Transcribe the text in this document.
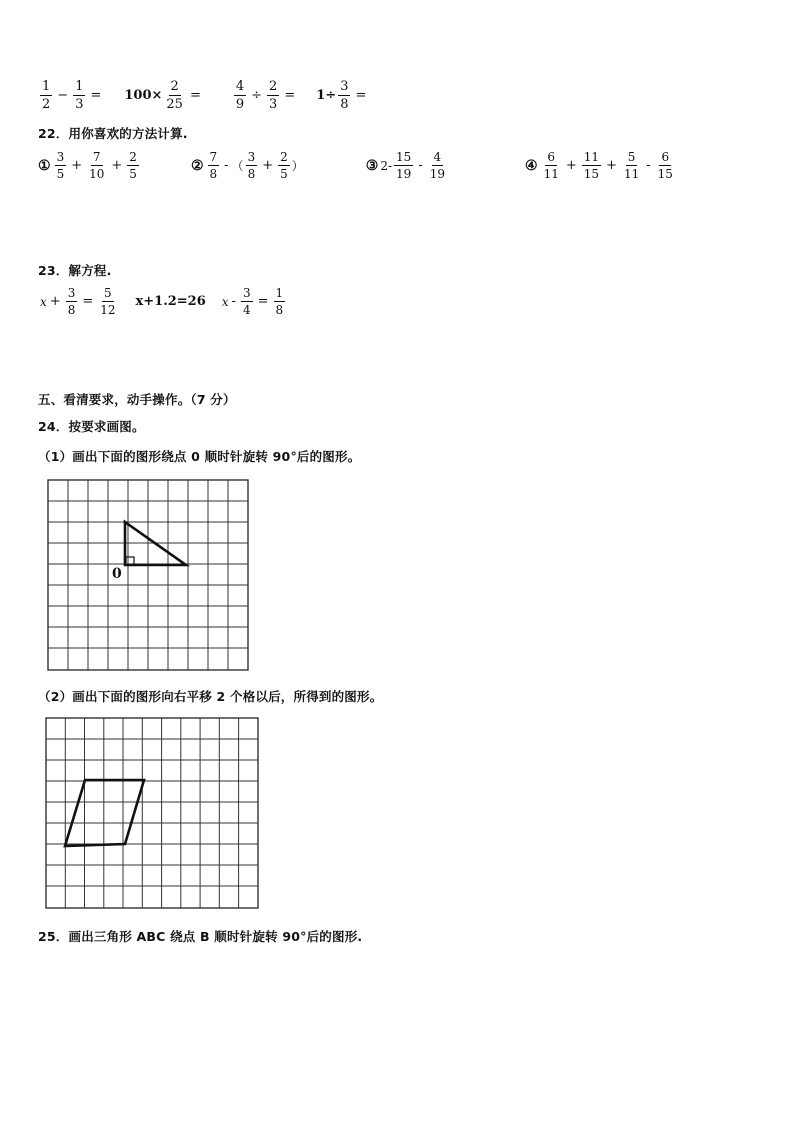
$\frac{1}{2} - \frac{1}{3} = 100\times \frac{2}{25}$ =	$\frac{4}{9} \div \frac{2}{3} = 1\div \frac{3}{8}$ =
22．用你喜欢的方法计算.
① $\frac{3}{5} + \frac{7}{10} + \frac{2}{5}$	② $\frac{7}{8}$ - （ $\frac{3}{8} + \frac{2}{5}$ ）	③ $2- \frac{15}{19} - \frac{4}{19}$	④ $\frac{6}{11} + \frac{11}{15} + \frac{5}{11} - \frac{6}{15}$
23．解方程.
$x + \frac{3}{8} = \frac{5}{12} x+1.2=26$ $x - \frac{3}{4} = \frac{1}{8}$
五、看清要求，动手操作。（7 分）
24．按要求画图。
（1）画出下面的图形绕点 0 顺时针旋转 90°后的图形。
0
（2）画出下面的图形向右平移 2 个格以后，所得到的图形。
25．画出三角形 ABC 绕点 B 顺时针旋转 90°后的图形.
